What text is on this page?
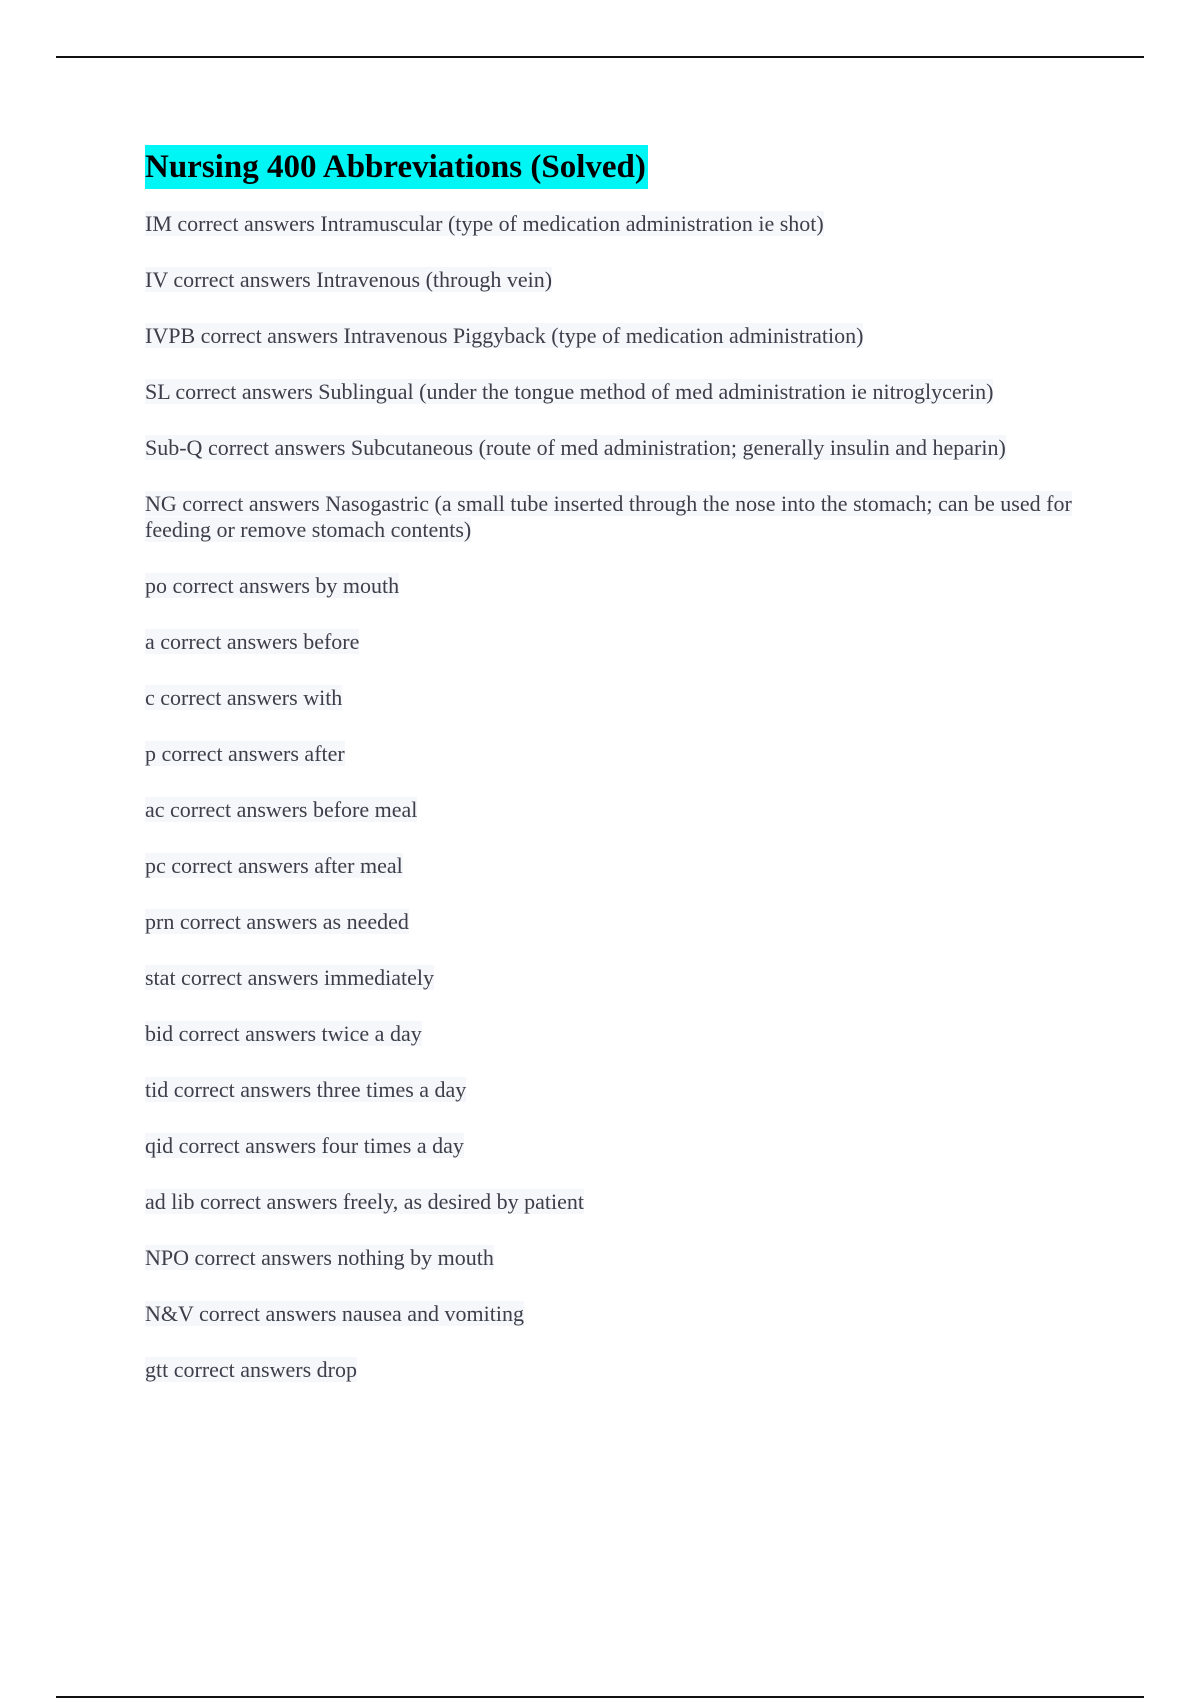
Nursing 400 Abbreviations (Solved)

IM correct answers Intramuscular (type of medication administration ie shot)

IV correct answers Intravenous (through vein)

IVPB correct answers Intravenous Piggyback (type of medication administration)

SL correct answers Sublingual (under the tongue method of med administration ie nitroglycerin)

Sub-Q correct answers Subcutaneous (route of med administration; generally insulin and heparin)

NG correct answers Nasogastric (a small tube inserted through the nose into the stomach; can be used for feeding or remove stomach contents)

po correct answers by mouth

a correct answers before

c correct answers with

p correct answers after

ac correct answers before meal

pc correct answers after meal

prn correct answers as needed

stat correct answers immediately

bid correct answers twice a day

tid correct answers three times a day

qid correct answers four times a day

ad lib correct answers freely, as desired by patient

NPO correct answers nothing by mouth

N&V correct answers nausea and vomiting

gtt correct answers drop
